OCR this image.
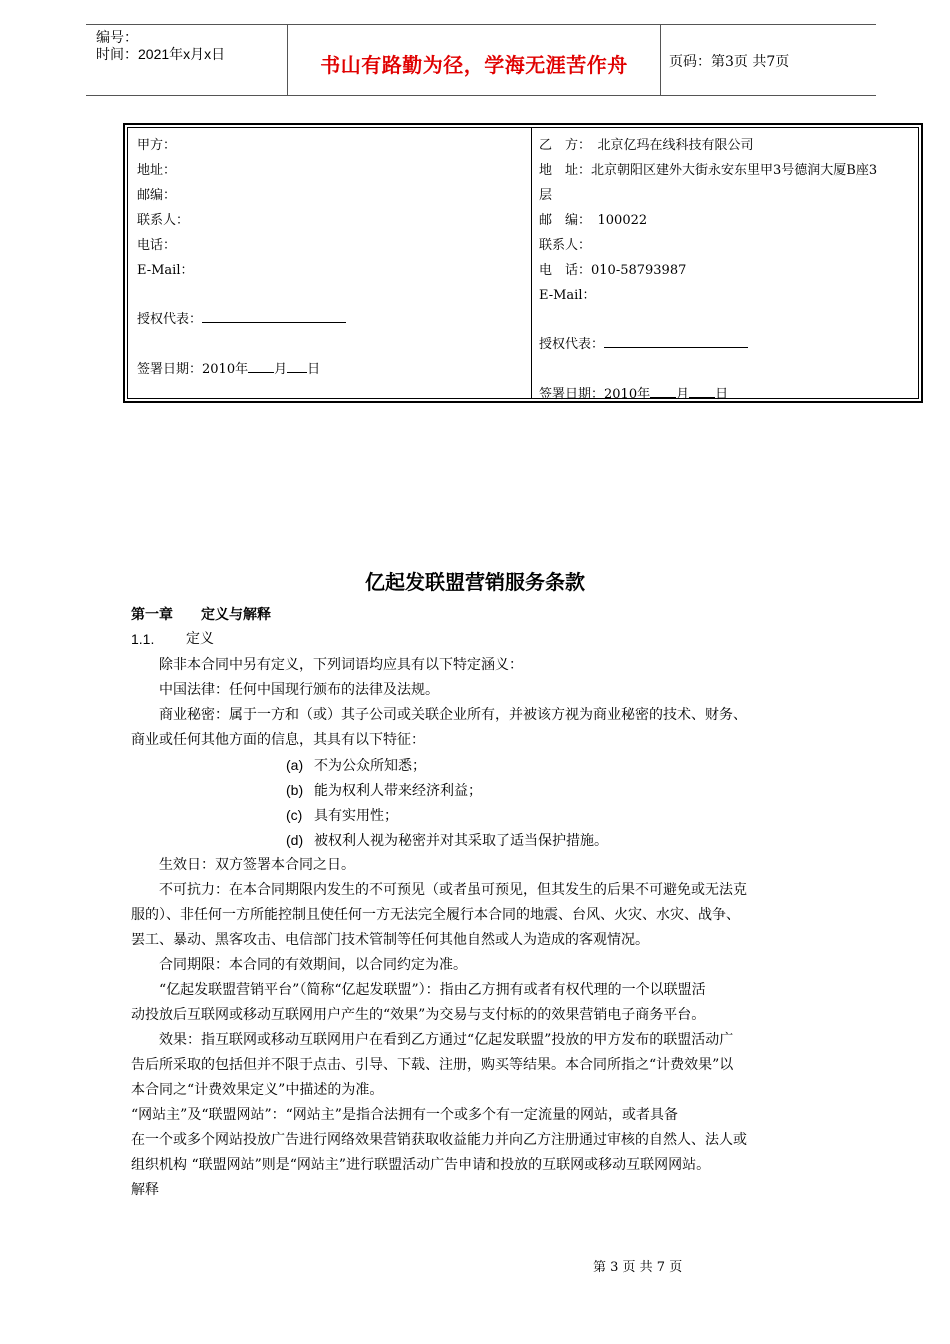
编号：
时间：2021年x月x日	书山有路勤为径，学海无涯苦作舟	页码：第3页 共7页
甲方：
地址：
邮编：
联系人：
电话：
E-Mail：
授权代表：
签署日期：2010年 月 日
乙　方：　北京亿玛在线科技有限公司
地　址：北京朝阳区建外大街永安东里甲3号德润大厦B座3
层
邮　编：　100022
联系人：
电　话：010-58793987
E-Mail：
授权代表：
签署日期：2010年 月 日
亿起发联盟营销服务条款

第一章　　定义与解释

1.1. 定义

除非本合同中另有定义，下列词语均应具有以下特定涵义：

中国法律：任何中国现行颁布的法律及法规。

商业秘密：属于一方和（或）其子公司或关联企业所有，并被该方视为商业秘密的技术、财务、

商业或任何其他方面的信息，其具有以下特征：

(a) 不为公众所知悉；

(b) 能为权利人带来经济利益；

(c) 具有实用性；

(d) 被权利人视为秘密并对其采取了适当保护措施。

生效日：双方签署本合同之日。

不可抗力：在本合同期限内发生的不可预见（或者虽可预见，但其发生的后果不可避免或无法克

服的）、非任何一方所能控制且使任何一方无法完全履行本合同的地震、台风、火灾、水灾、战争、

罢工、暴动、黑客攻击、电信部门技术管制等任何其他自然或人为造成的客观情况。

合同期限：本合同的有效期间，以合同约定为准。

“亿起发联盟营销平台”（简称“亿起发联盟”）：指由乙方拥有或者有权代理的一个以联盟活

动投放后互联网或移动互联网用户产生的“效果”为交易与支付标的的效果营销电子商务平台。

效果：指互联网或移动互联网用户在看到乙方通过“亿起发联盟”投放的甲方发布的联盟活动广

告后所采取的包括但并不限于点击、引导、下载、注册，购买等结果。本合同所指之“计费效果”以

本合同之“计费效果定义”中描述的为准。

“网站主”及“联盟网站”：“网站主”是指合法拥有一个或多个有一定流量的网站，或者具备

在一个或多个网站投放广告进行网络效果营销获取收益能力并向乙方注册通过审核的自然人、法人或

组织机构 “联盟网站”则是“网站主”进行联盟活动广告申请和投放的互联网或移动互联网网站。

解释

第 3 页 共 7 页
